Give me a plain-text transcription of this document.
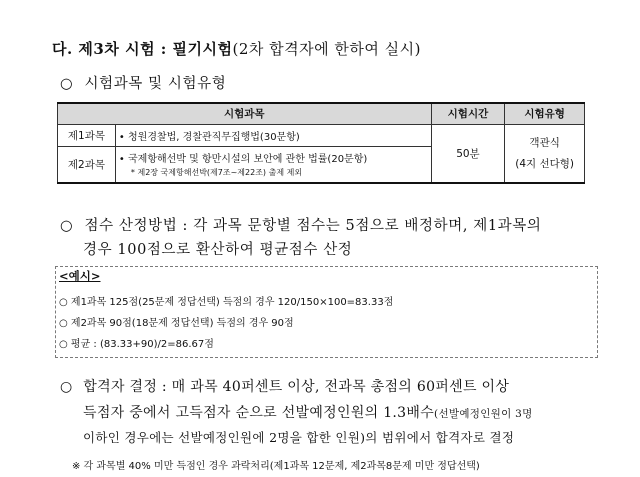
다. 제3차 시험 : 필기시험(2차 합격자에 한하여 실시)
○ 시험과목 및 시험유형
시험과목		시험시간	시험유형
제1과목	• 청원경찰법, 경찰관직무집행법(30문항)	50분	객관식
(4지 선다형)

제2과목	• 국제항해선박 및 항만시설의 보안에 관한 법률(20문항)
* 제2장 국제항해선박(제7조~제22조) 출제 제외		
○ 점수 산정방법 : 각 과목 문항별 점수는 5점으로 배정하며, 제1과목의
경우 100점으로 환산하여 평균점수 산정
<예시>
○ 제1과목 125점(25문제 정답선택) 득점의 경우 120/150×100=83.33점
○ 제2과목 90점(18문제 정답선택) 득점의 경우 90점
○ 평균 : (83.33+90)/2=86.67점
○ 합격자 결정 : 매 과목 40퍼센트 이상, 전과목 총점의 60퍼센트 이상
득점자 중에서 고득점자 순으로 선발예정인원의 1.3배수(선발예정인원이 3명
이하인 경우에는 선발예정인원에 2명을 합한 인원)의 범위에서 합격자로 결정
※ 각 과목별 40% 미만 득점인 경우 과락처리(제1과목 12문제, 제2과목8문제 미만 정답선택)
